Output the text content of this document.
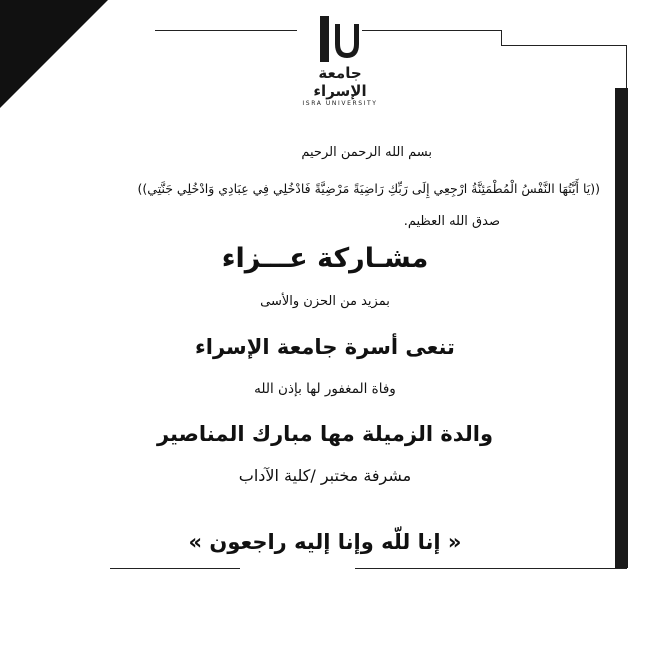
جامعة الإسراء
ISRA UNIVERSITY
بسم الله الرحمن الرحيم
((يَا أَيَّتُهَا النَّفْسُ الْمُطْمَئِنَّةُ ارْجِعِي إِلَى رَبِّكِ رَاضِيَةً مَرْضِيَّةً فَادْخُلِي فِي عِبَادِي وَادْخُلِي جَنَّتِي))
صدق الله العظيم.
مشـاركة عـــزاء
بمزيد من الحزن والأسى
تنعى أسرة جامعة الإسراء
وفاة المغفور لها بإذن الله
والدة الزميلة مها مبارك المناصير
مشرفة مختبر /كلية الآداب
« إنا للّه وإنا إليه راجعون »
